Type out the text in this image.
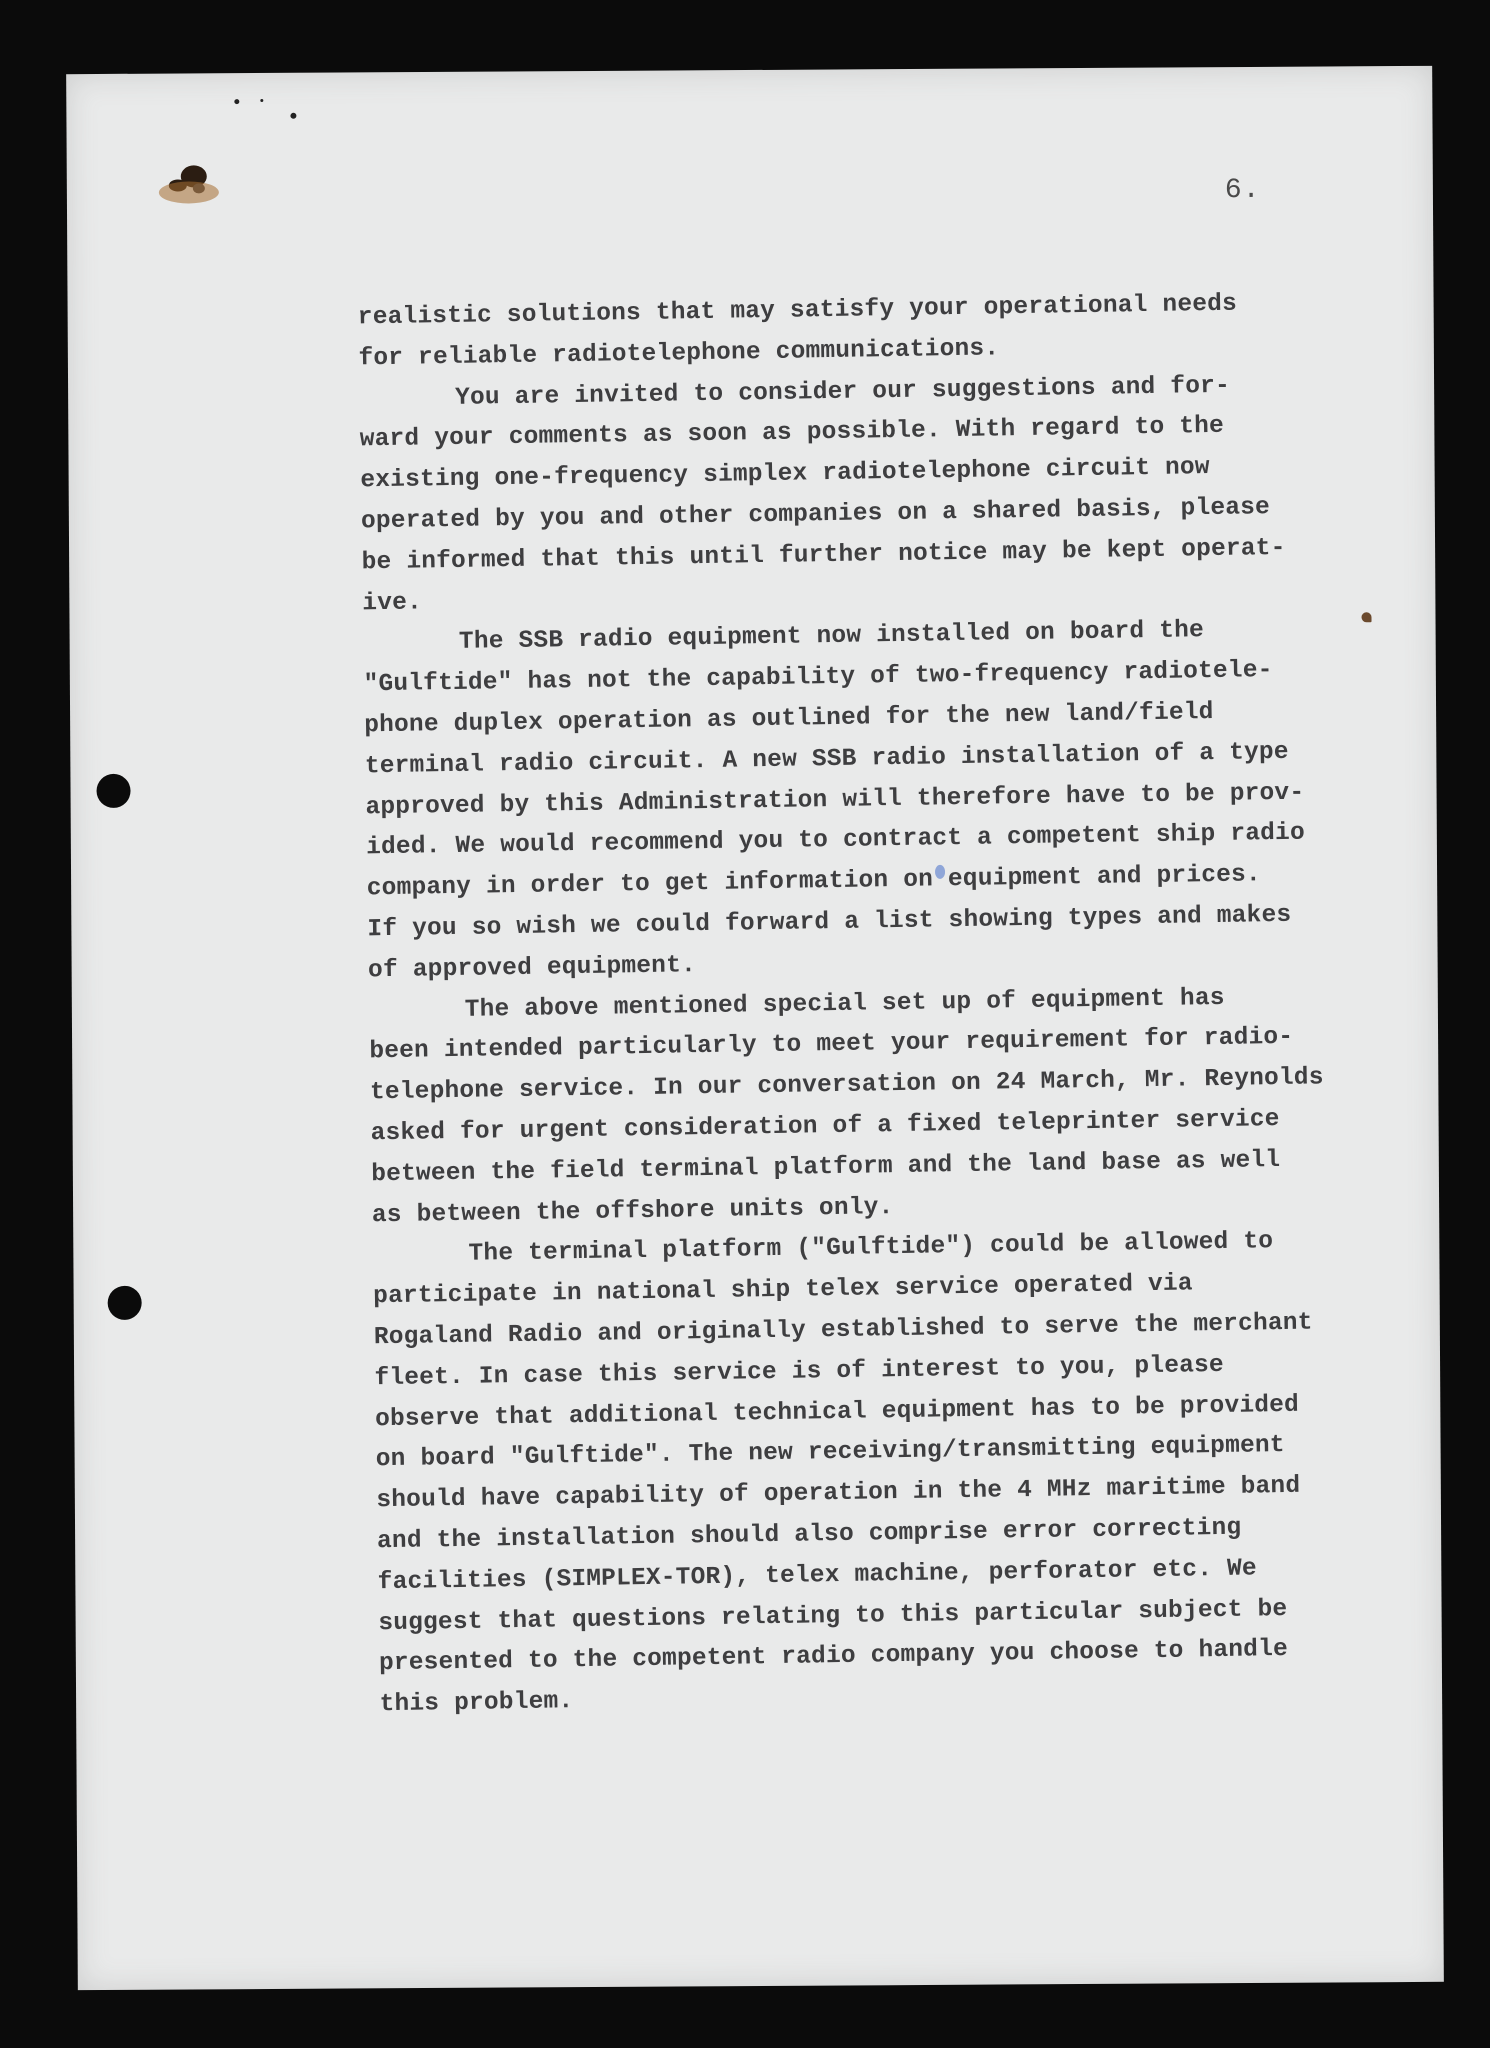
6.
realistic solutions that may satisfy your operational needs
for reliable radiotelephone communications.
You are invited to consider our suggestions and for-
ward your comments as soon as possible. With regard to the
existing one-frequency simplex radiotelephone circuit now
operated by you and other companies on a shared basis, please
be informed that this until further notice may be kept operat-
ive.
The SSB radio equipment now installed on board the
"Gulftide" has not the capability of two-frequency radiotele-
phone duplex operation as outlined for the new land/field
terminal radio circuit. A new SSB radio installation of a type
approved by this Administration will therefore have to be prov-
ided. We would recommend you to contract a competent ship radio
company in order to get information on equipment and prices.
If you so wish we could forward a list showing types and makes
of approved equipment.
The above mentioned special set up of equipment has
been intended particularly to meet your requirement for radio-
telephone service. In our conversation on 24 March, Mr. Reynolds
asked for urgent consideration of a fixed teleprinter service
between the field terminal platform and the land base as well
as between the offshore units only.
The terminal platform ("Gulftide") could be allowed to
participate in national ship telex service operated via
Rogaland Radio and originally established to serve the merchant
fleet. In case this service is of interest to you, please
observe that additional technical equipment has to be provided
on board "Gulftide". The new receiving/transmitting equipment
should have capability of operation in the 4 MHz maritime band
and the installation should also comprise error correcting
facilities (SIMPLEX-TOR), telex machine, perforator etc. We
suggest that questions relating to this particular subject be
presented to the competent radio company you choose to handle
this problem.
